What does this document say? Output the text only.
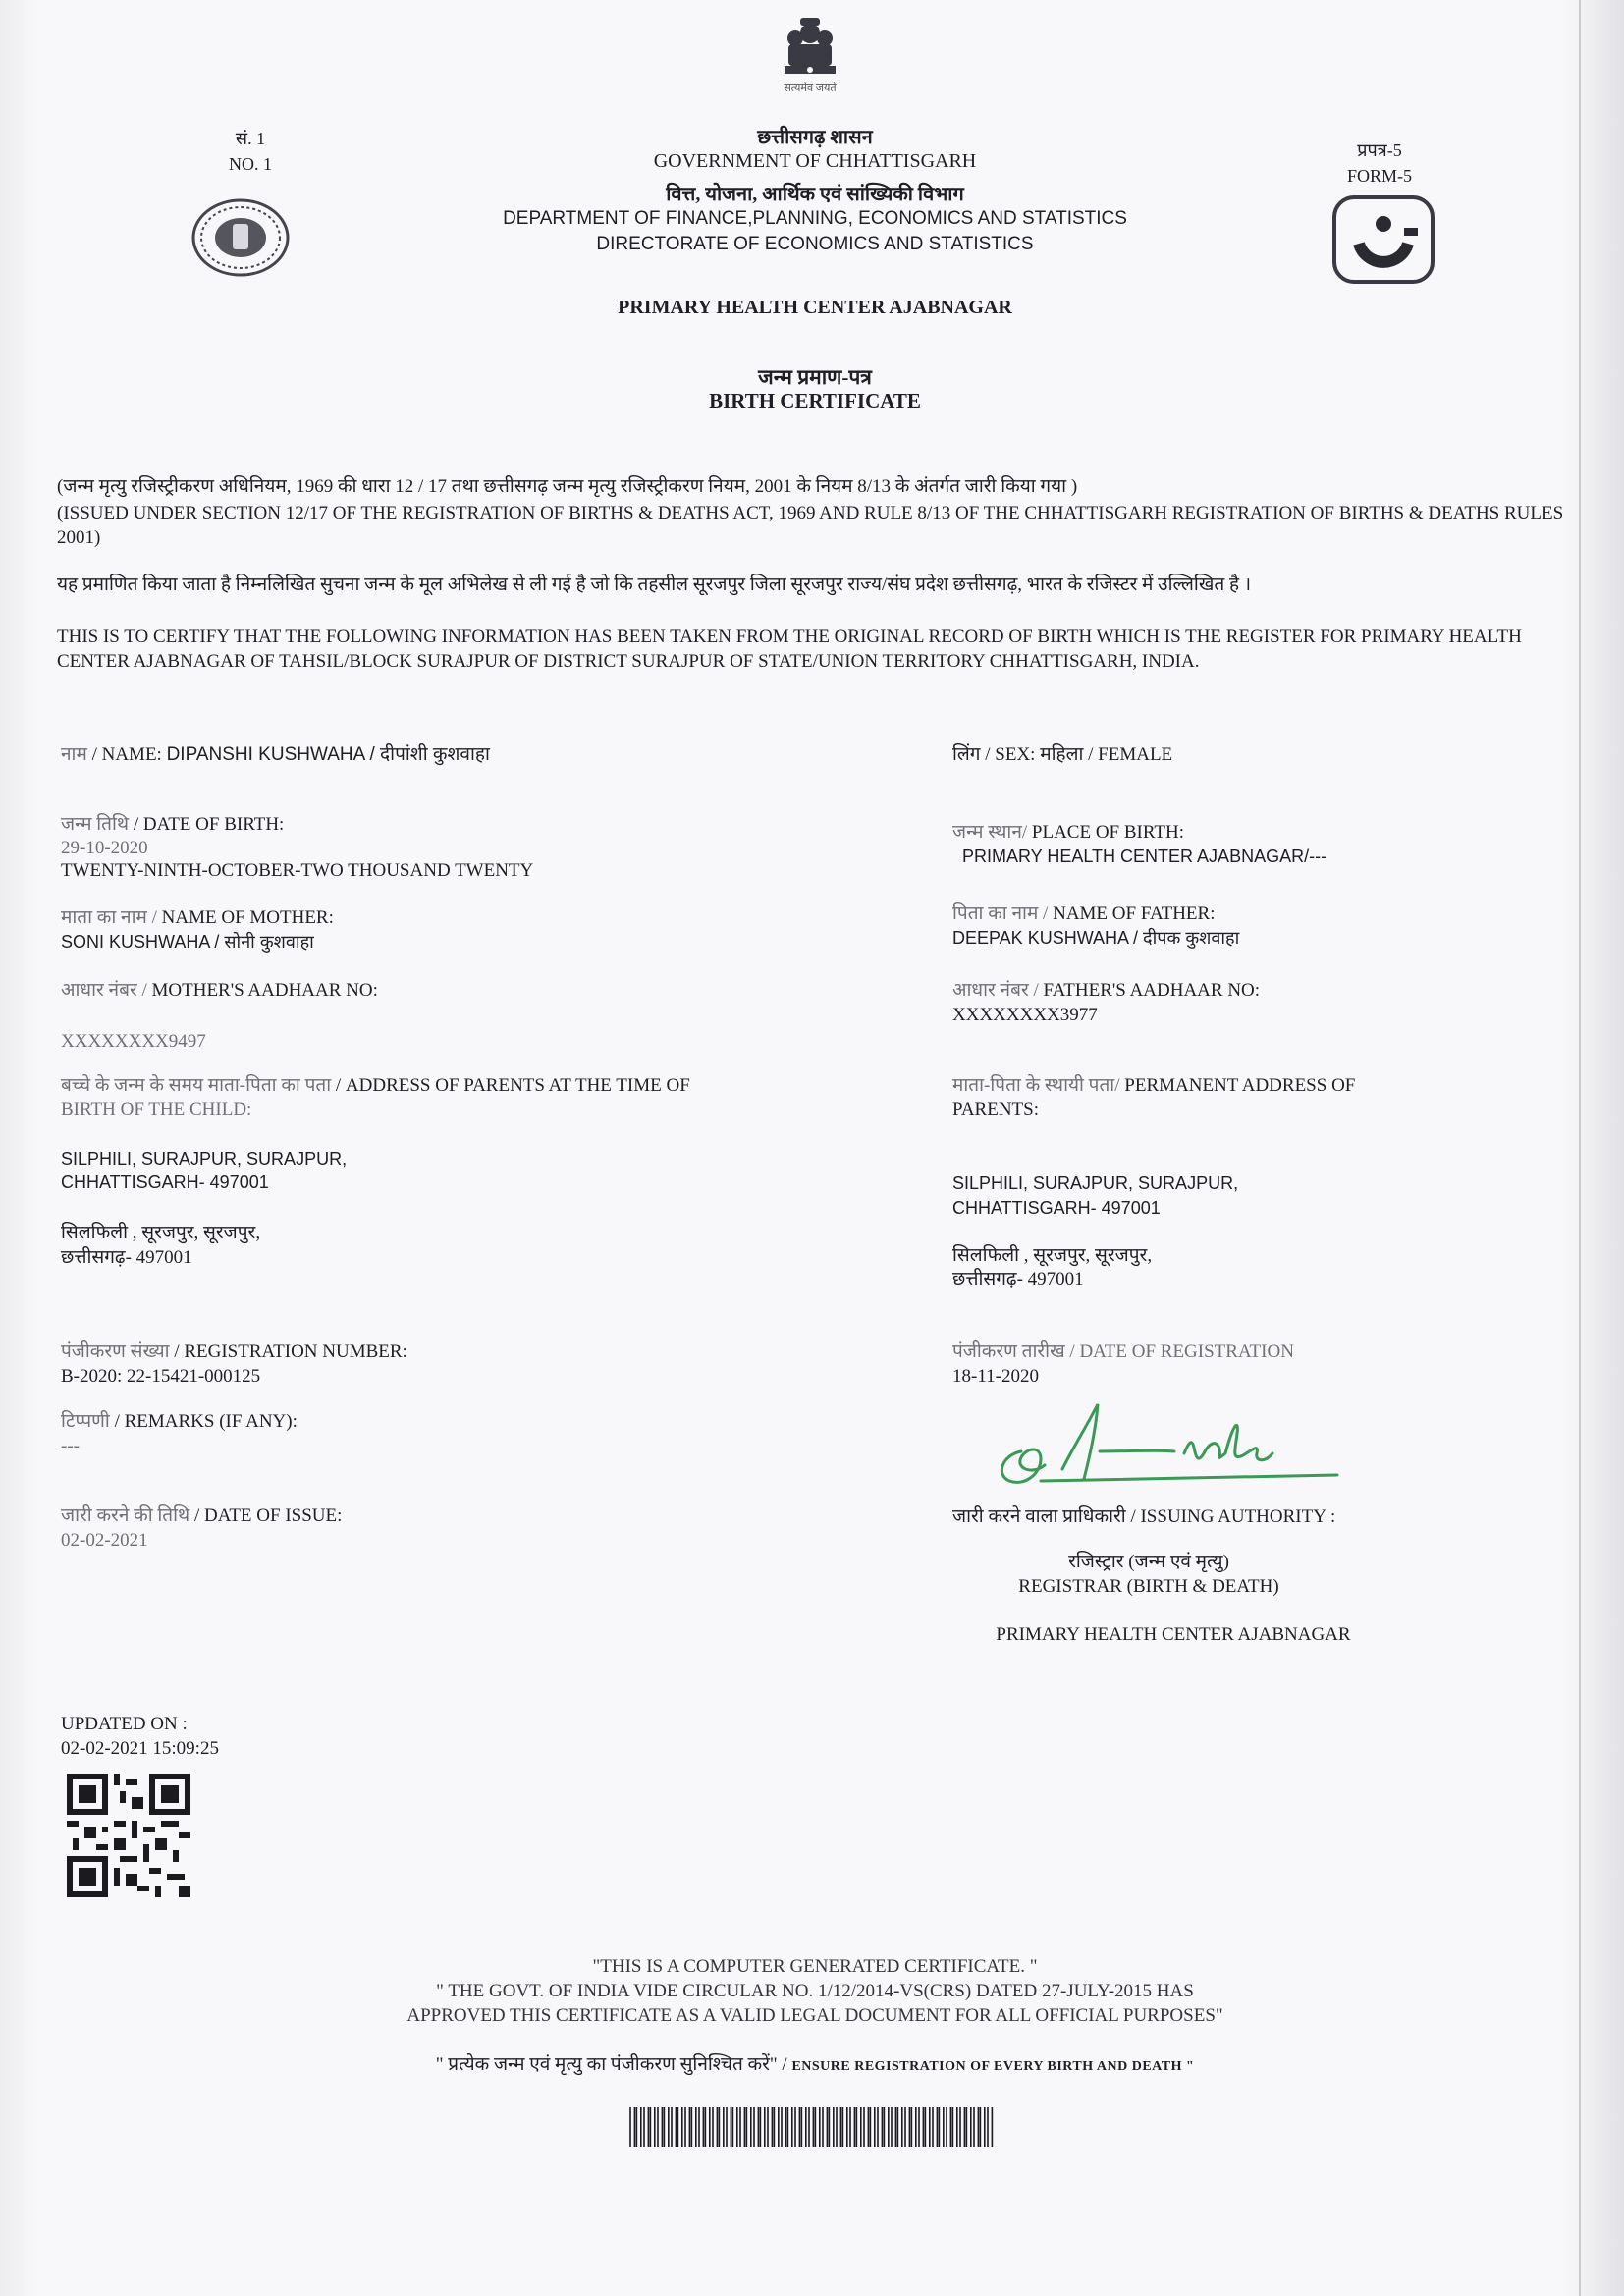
सत्यमेव जयते
सं. 1
NO. 1
प्रपत्र-5
FORM-5
छत्तीसगढ़ शासन
GOVERNMENT OF CHHATTISGARH
वित्त, योजना, आर्थिक एवं सांख्यिकी विभाग
DEPARTMENT OF FINANCE,PLANNING, ECONOMICS AND STATISTICS
DIRECTORATE OF ECONOMICS AND STATISTICS
PRIMARY HEALTH CENTER AJABNAGAR
जन्म प्रमाण-पत्र
BIRTH CERTIFICATE
(जन्म मृत्यु रजिस्ट्रीकरण अधिनियम, 1969 की धारा 12 / 17 तथा छत्तीसगढ़ जन्म मृत्यु रजिस्ट्रीकरण नियम, 2001 के नियम 8/13 के अंतर्गत जारी किया गया )
(ISSUED UNDER SECTION 12/17 OF THE REGISTRATION OF BIRTHS & DEATHS ACT, 1969 AND RULE 8/13 OF THE CHHATTISGARH REGISTRATION OF BIRTHS & DEATHS RULES 2001)
यह प्रमाणित किया जाता है निम्नलिखित सुचना जन्म के मूल अभिलेख से ली गई है जो कि तहसील सूरजपुर जिला सूरजपुर राज्य/संघ प्रदेश छत्तीसगढ़, भारत के रजिस्टर में उल्लिखित है ।
THIS IS TO CERTIFY THAT THE FOLLOWING INFORMATION HAS BEEN TAKEN FROM THE ORIGINAL RECORD OF BIRTH WHICH IS THE REGISTER FOR PRIMARY HEALTH CENTER AJABNAGAR OF TAHSIL/BLOCK SURAJPUR OF DISTRICT SURAJPUR OF STATE/UNION TERRITORY CHHATTISGARH, INDIA.
नाम / NAME: DIPANSHI KUSHWAHA / दीपांशी कुशवाहा	लिंग / SEX: महिला / FEMALE
जन्म तिथि / DATE OF BIRTH:
29-10-2020
TWENTY-NINTH-OCTOBER-TWO THOUSAND TWENTY
जन्म स्थान/ PLACE OF BIRTH:
PRIMARY HEALTH CENTER AJABNAGAR/---
माता का नाम / NAME OF MOTHER:
SONI KUSHWAHA / सोनी कुशवाहा
पिता का नाम / NAME OF FATHER:
DEEPAK KUSHWAHA / दीपक कुशवाहा
आधार नंबर / MOTHER'S AADHAAR NO:
XXXXXXXX9497
आधार नंबर / FATHER'S AADHAAR NO:
XXXXXXXX3977
बच्चे के जन्म के समय माता-पिता का पता / ADDRESS OF PARENTS AT THE TIME OF
BIRTH OF THE CHILD:
SILPHILI, SURAJPUR, SURAJPUR,
CHHATTISGARH- 497001
सिलफिली , सूरजपुर, सूरजपुर,
छत्तीसगढ़- 497001
माता-पिता के स्थायी पता/ PERMANENT ADDRESS OF
PARENTS:
SILPHILI, SURAJPUR, SURAJPUR,
CHHATTISGARH- 497001
सिलफिली , सूरजपुर, सूरजपुर,
छत्तीसगढ़- 497001
पंजीकरण संख्या / REGISTRATION NUMBER:
B-2020: 22-15421-000125
पंजीकरण तारीख / DATE OF REGISTRATION
18-11-2020
टिप्पणी / REMARKS (IF ANY):
---
जारी करने की तिथि / DATE OF ISSUE:
02-02-2021
जारी करने वाला प्राधिकारी / ISSUING AUTHORITY :
रजिस्ट्रार (जन्म एवं मृत्यु)
REGISTRAR (BIRTH & DEATH)
PRIMARY HEALTH CENTER AJABNAGAR
UPDATED ON :
02-02-2021 15:09:25
"THIS IS A COMPUTER GENERATED CERTIFICATE. "
" THE GOVT. OF INDIA VIDE CIRCULAR NO. 1/12/2014-VS(CRS) DATED 27-JULY-2015 HAS
APPROVED THIS CERTIFICATE AS A VALID LEGAL DOCUMENT FOR ALL OFFICIAL PURPOSES"
" प्रत्येक जन्म एवं मृत्यु का पंजीकरण सुनिश्चित करें" / ENSURE REGISTRATION OF EVERY BIRTH AND DEATH "
